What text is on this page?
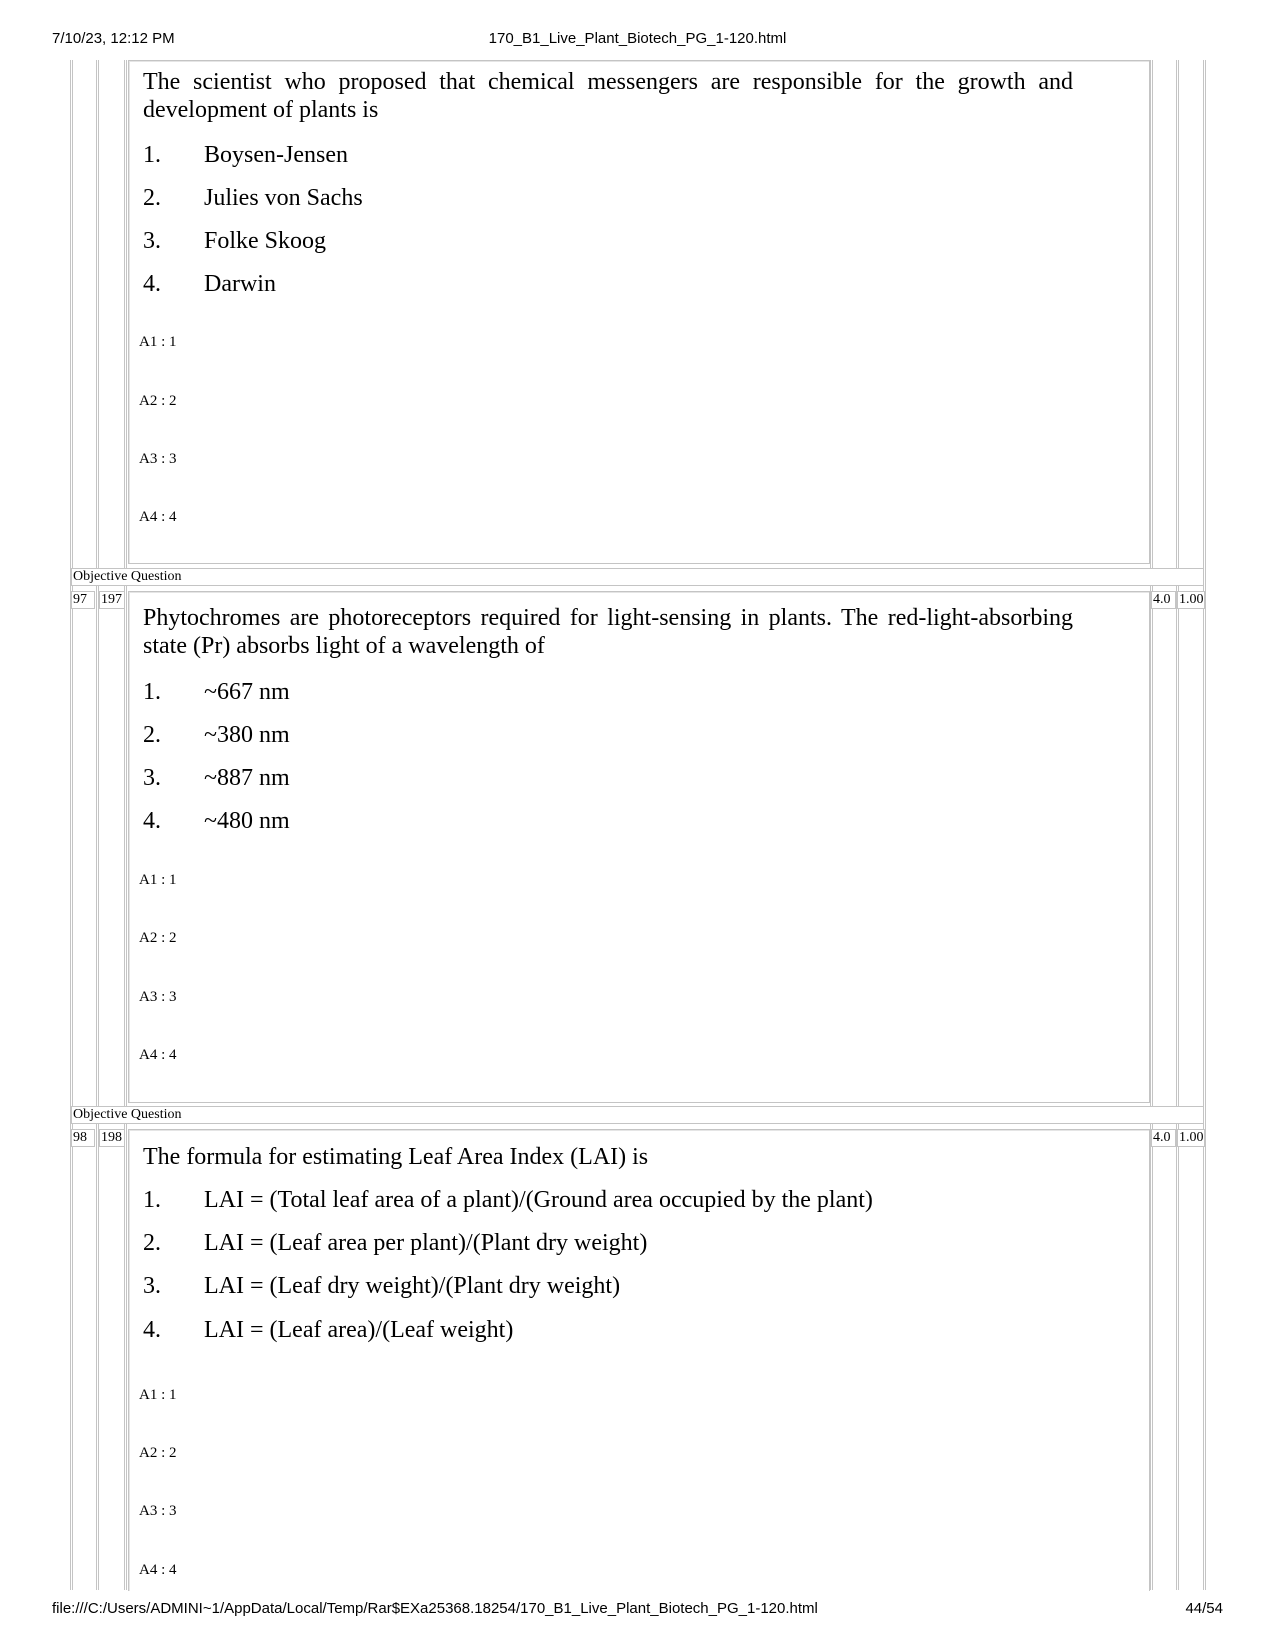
7/10/23, 12:12 PM	170_B1_Live_Plant_Biotech_PG_1-120.html
The scientist who proposed that chemical messengers are responsible for the growth and development of plants is
1. Boysen-Jensen
2. Julies von Sachs
3. Folke Skoog
4. Darwin
A1 : 1
A2 : 2
A3 : 3
A4 : 4
Objective Question
97	197	4.0 1.00
Phytochromes are photoreceptors required for light-sensing in plants. The red-light-absorbing state (Pr) absorbs light of a wavelength of
1. ~667 nm
2. ~380 nm
3. ~887 nm
4. ~480 nm
A1 : 1
A2 : 2
A3 : 3
A4 : 4
Objective Question
98	198	4.0 1.00
The formula for estimating Leaf Area Index (LAI) is
1. LAI = (Total leaf area of a plant)/(Ground area occupied by the plant)
2. LAI = (Leaf area per plant)/(Plant dry weight)
3. LAI = (Leaf dry weight)/(Plant dry weight)
4. LAI = (Leaf area)/(Leaf weight)
A1 : 1
A2 : 2
A3 : 3
A4 : 4
file:///C:/Users/ADMINI~1/AppData/Local/Temp/Rar$EXa25368.18254/170_B1_Live_Plant_Biotech_PG_1-120.html	44/54
